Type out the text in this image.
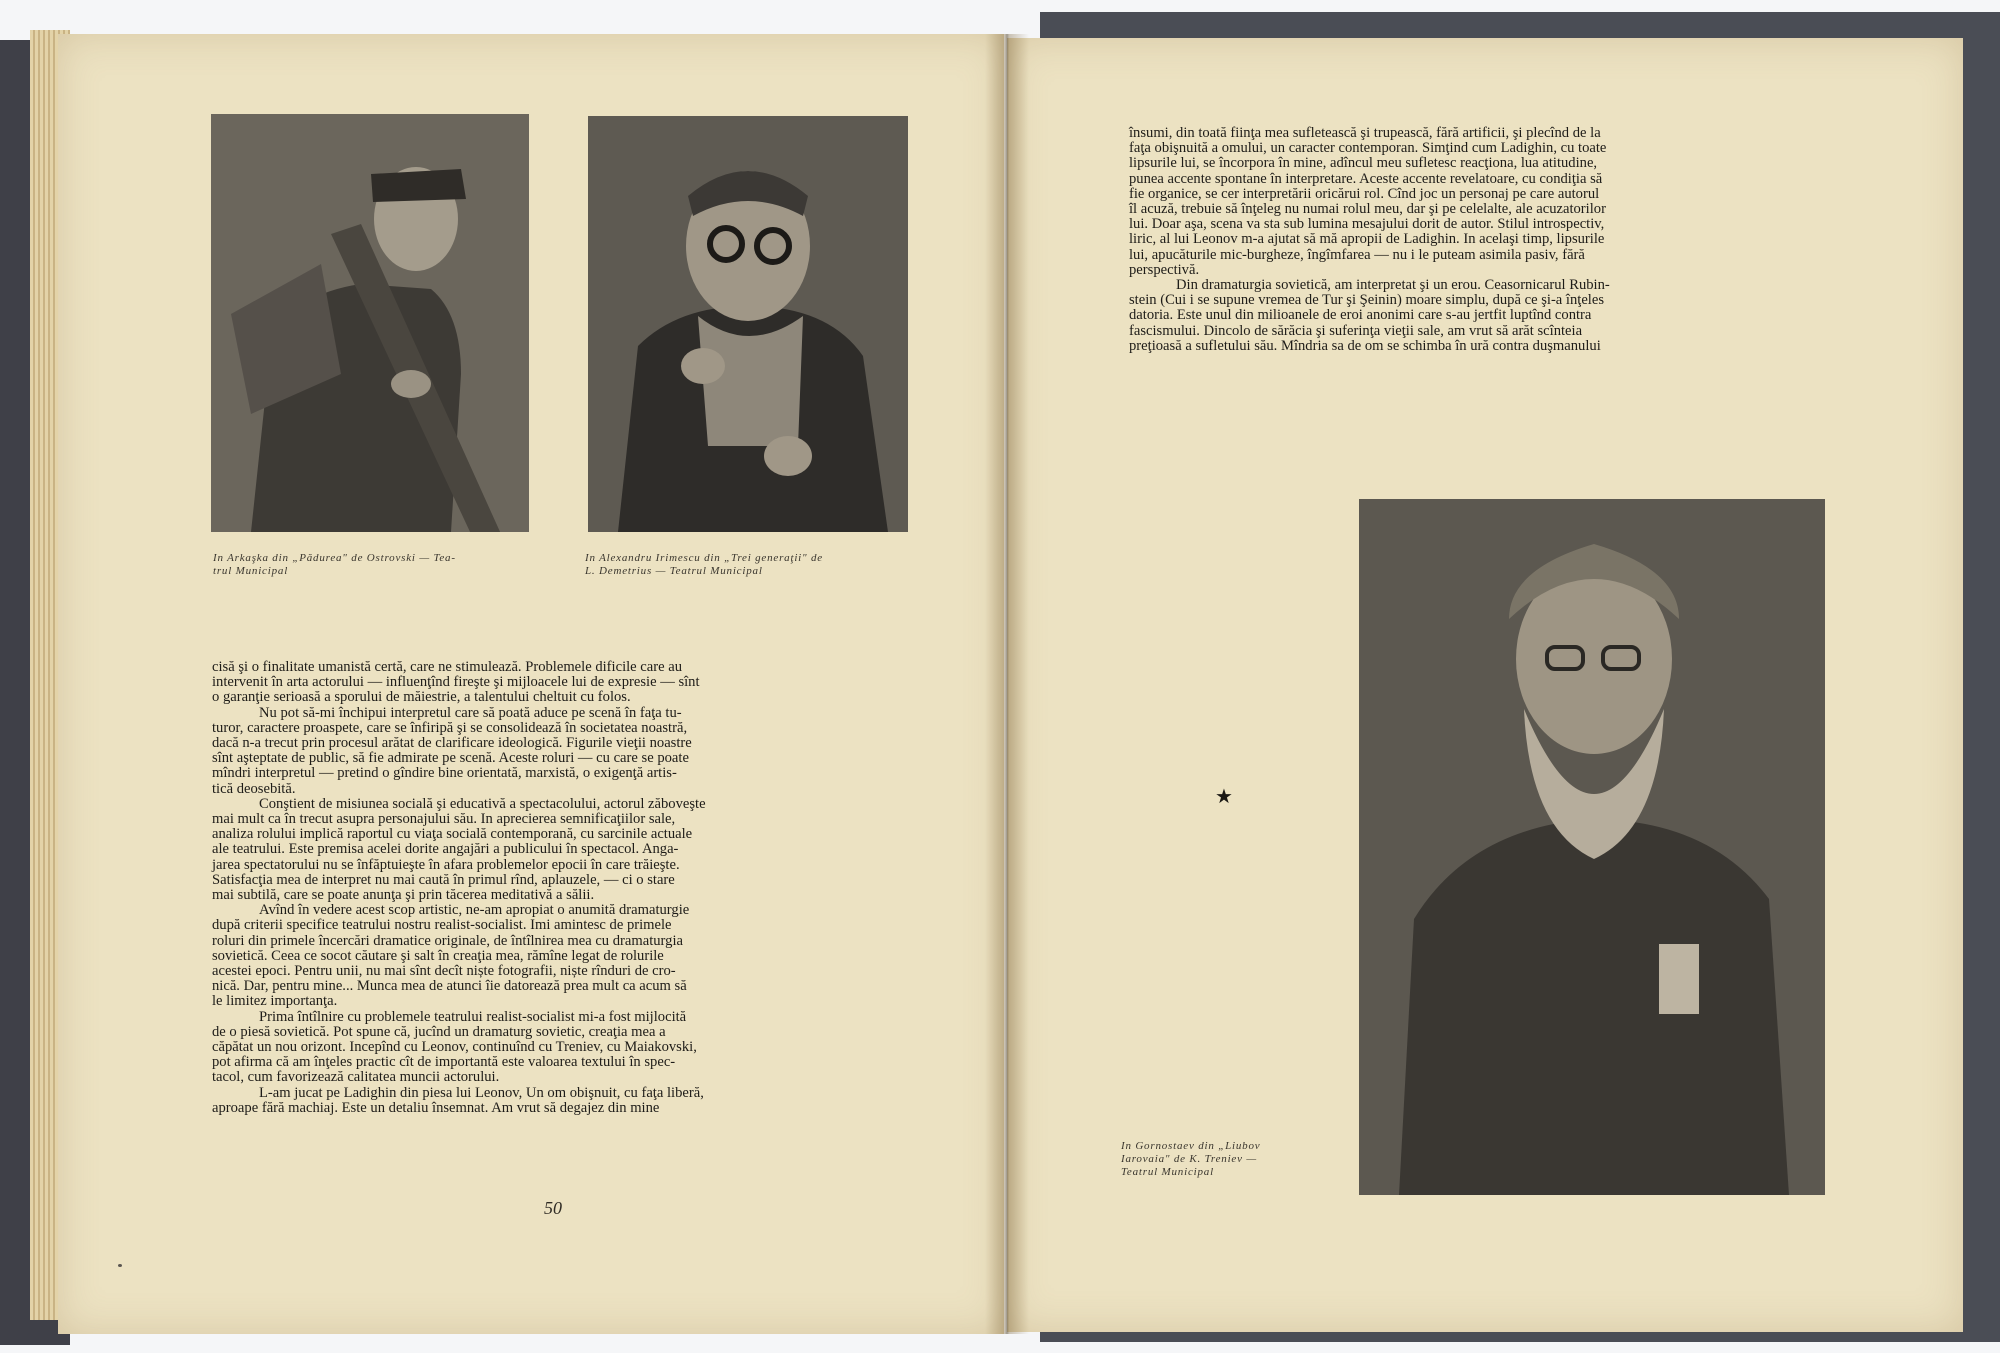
In Arkaşka din „Pădurea" de Ostrovski — Tea-
trul Municipal
In Alexandru Irimescu din „Trei generaţii" de
L. Demetrius — Teatrul Municipal

cisă şi o finalitate umanistă certă, care ne stimulează. Problemele dificile care au
intervenit în arta actorului — influenţînd fireşte şi mijloacele lui de expresie — sînt
o garanţie serioasă a sporului de măiestrie, a talentului cheltuit cu folos.

Nu pot să-mi închipui interpretul care să poată aduce pe scenă în faţa tu-
turor, caractere proaspete, care se înfiripă şi se consolidează în societatea noastră,
dacă n-a trecut prin procesul arătat de clarificare ideologică. Figurile vieţii noastre
sînt aşteptate de public, să fie admirate pe scenă. Aceste roluri — cu care se poate
mîndri interpretul — pretind o gîndire bine orientată, marxistă, o exigenţă artis-
tică deosebită.

Conştient de misiunea socială şi educativă a spectacolului, actorul zăboveşte
mai mult ca în trecut asupra personajului său. In aprecierea semnificaţiilor sale,
analiza rolului implică raportul cu viaţa socială contemporană, cu sarcinile actuale
ale teatrului. Este premisa acelei dorite angajări a publicului în spectacol. Anga-
jarea spectatorului nu se înfăptuieşte în afara problemelor epocii în care trăieşte.
Satisfacţia mea de interpret nu mai caută în primul rînd, aplauzele, — ci o stare
mai subtilă, care se poate anunţa şi prin tăcerea meditativă a sălii.

Avînd în vedere acest scop artistic, ne-am apropiat o anumită dramaturgie
după criterii specifice teatrului nostru realist-socialist. Imi amintesc de primele
roluri din primele încercări dramatice originale, de întîlnirea mea cu dramaturgia
sovietică. Ceea ce socot căutare şi salt în creaţia mea, rămîne legat de rolurile
acestei epoci. Pentru unii, nu mai sînt decît niște fotografii, niște rînduri de cro-
nică. Dar, pentru mine... Munca mea de atunci îie datorează prea mult ca acum să
le limitez importanţa.

Prima întîlnire cu problemele teatrului realist-socialist mi-a fost mijlocită
de o piesă sovietică. Pot spune că, jucînd un dramaturg sovietic, creaţia mea a
căpătat un nou orizont. Incepînd cu Leonov, continuînd cu Treniev, cu Maiakovski,
pot afirma că am înţeles practic cît de importantă este valoarea textului în spec-
tacol, cum favorizează calitatea muncii actorului.

L-am jucat pe Ladighin din piesa lui Leonov, Un om obişnuit, cu faţa liberă,
aproape fără machiaj. Este un detaliu însemnat. Am vrut să degajez din mine

50

însumi, din toată fiinţa mea sufletească şi trupească, fără artificii, şi plecînd de la
faţa obişnuită a omului, un caracter contemporan. Simţind cum Ladighin, cu toate
lipsurile lui, se încorpora în mine, adîncul meu sufletesc reacţiona, lua atitudine,
punea accente spontane în interpretare. Aceste accente revelatoare, cu condiţia să
fie organice, se cer interpretării oricărui rol. Cînd joc un personaj pe care autorul
îl acuză, trebuie să înţeleg nu numai rolul meu, dar şi pe celelalte, ale acuzatorilor
lui. Doar aşa, scena va sta sub lumina mesajului dorit de autor. Stilul introspectiv,
liric, al lui Leonov m-a ajutat să mă apropii de Ladighin. In acelaşi timp, lipsurile
lui, apucăturile mic-burgheze, îngîmfarea — nu i le puteam asimila pasiv, fără
perspectivă.

Din dramaturgia sovietică, am interpretat şi un erou. Ceasornicarul Rubin-
stein (Cui i se supune vremea de Tur şi Şeinin) moare simplu, după ce şi-a înţeles
datoria. Este unul din milioanele de eroi anonimi care s-au jertfit luptînd contra
fascismului. Dincolo de sărăcia şi suferinţa vieţii sale, am vrut să arăt scînteia
preţioasă a sufletului său. Mîndria sa de om se schimba în ură contra duşmanului

★
In Gornostaev din „Liubov
Iarovaia" de K. Treniev —
Teatrul Municipal
